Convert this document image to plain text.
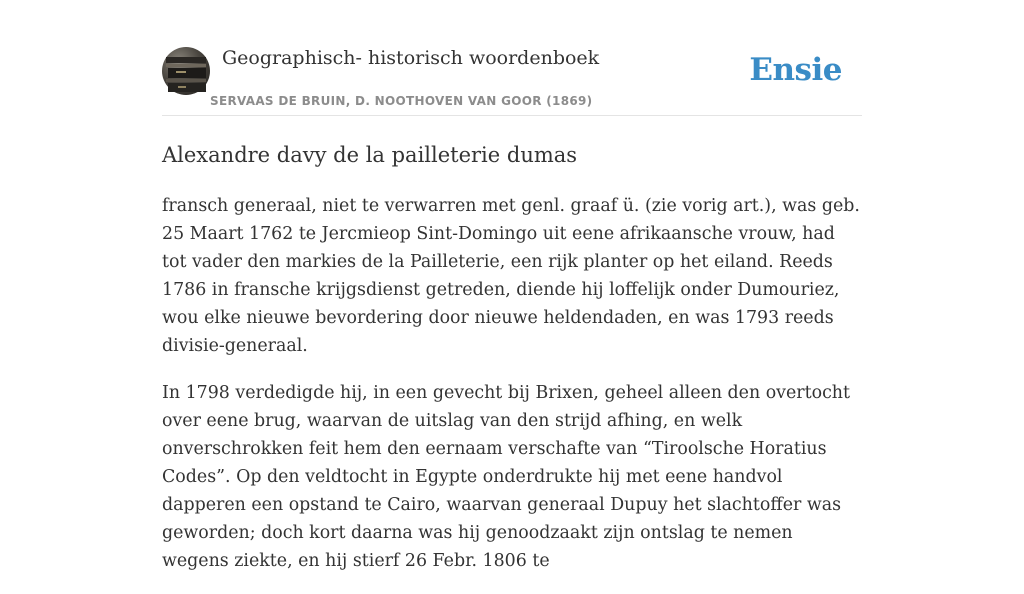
Geographisch- historisch woordenboek
SERVAAS DE BRUIN, D. NOOTHOVEN VAN GOOR (1869)
Ensie
Alexandre davy de la pailleterie dumas

fransch generaal, niet te verwarren met genl. graaf ü. (zie vorig art.), was geb. 25 Maart 1762 te Jercmieop Sint-Domingo uit eene afrikaansche vrouw, had tot vader den markies de la Pailleterie, een rijk planter op het eiland. Reeds 1786 in fransche krijgsdienst getreden, diende hij loffelijk onder Dumouriez, wou elke nieuwe bevordering door nieuwe heldendaden, en was 1793 reeds divisie-generaal.

In 1798 verdedigde hij, in een gevecht bij Brixen, geheel alleen den overtocht over eene brug, waarvan de uitslag van den strijd afhing, en welk onverschrokken feit hem den eernaam verschafte van “Tiroolsche Horatius Codes”. Op den veldtocht in Egypte onderdrukte hij met eene handvol dapperen een opstand te Cairo, waarvan generaal Dupuy het slachtoffer was geworden; doch kort daarna was hij genoodzaakt zijn ontslag te nemen wegens ziekte, en hij stierf 26 Febr. 1806 te
